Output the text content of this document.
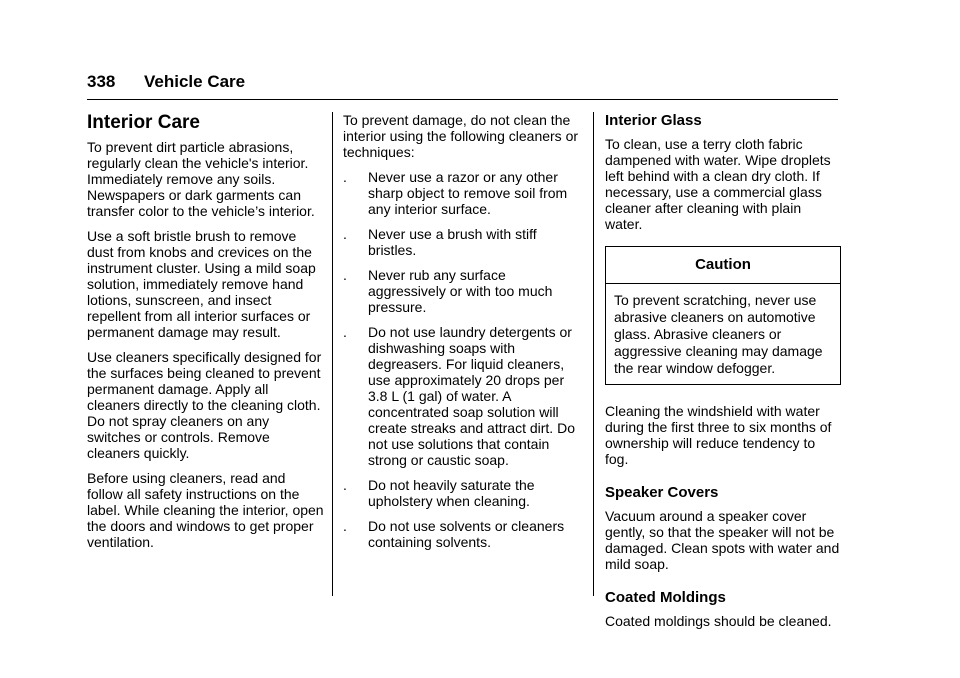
338 Vehicle Care
Interior Care

To prevent dirt particle abrasions, regularly clean the vehicle's interior. Immediately remove any soils. Newspapers or dark garments can transfer color to the vehicle’s interior.

Use a soft bristle brush to remove dust from knobs and crevices on the instrument cluster. Using a mild soap solution, immediately remove hand lotions, sunscreen, and insect repellent from all interior surfaces or permanent damage may result.

Use cleaners specifically designed for the surfaces being cleaned to prevent permanent damage. Apply all cleaners directly to the cleaning cloth. Do not spray cleaners on any switches or controls. Remove cleaners quickly.

Before using cleaners, read and follow all safety instructions on the label. While cleaning the interior, open the doors and windows to get proper ventilation.

To prevent damage, do not clean the interior using the following cleaners or techniques:

. Never use a razor or any other sharp object to remove soil from any interior surface.
. Never use a brush with stiff bristles.
. Never rub any surface aggressively or with too much pressure.
. Do not use laundry detergents or dishwashing soaps with degreasers. For liquid cleaners, use approximately 20 drops per 3.8 L (1 gal) of water. A concentrated soap solution will create streaks and attract dirt. Do not use solutions that contain strong or caustic soap.
. Do not heavily saturate the upholstery when cleaning.
. Do not use solvents or cleaners containing solvents.
Interior Glass

To clean, use a terry cloth fabric dampened with water. Wipe droplets left behind with a clean dry cloth. If necessary, use a commercial glass cleaner after cleaning with plain water.

Caution
To prevent scratching, never use abrasive cleaners on automotive glass. Abrasive cleaners or aggressive cleaning may damage the rear window defogger.

Cleaning the windshield with water during the first three to six months of ownership will reduce tendency to fog.

Speaker Covers

Vacuum around a speaker cover gently, so that the speaker will not be damaged. Clean spots with water and mild soap.

Coated Moldings

Coated moldings should be cleaned.
